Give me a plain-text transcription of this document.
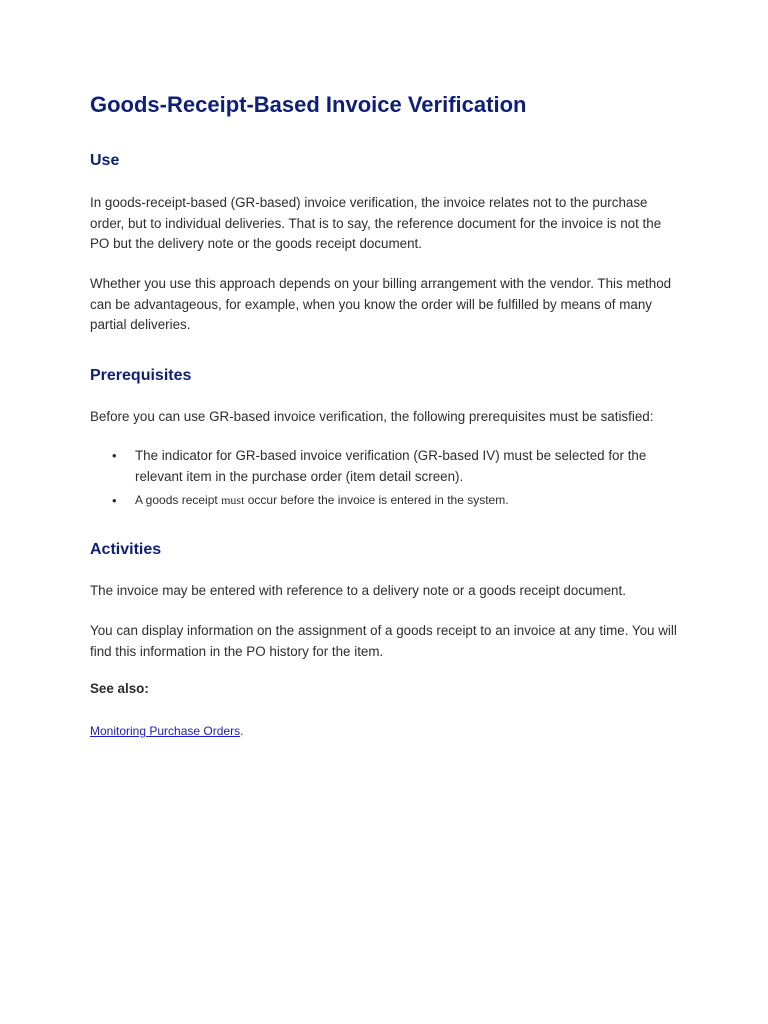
Goods-Receipt-Based Invoice Verification
Use

In goods-receipt-based (GR-based) invoice verification, the invoice relates not to the purchase order, but to individual deliveries. That is to say, the reference document for the invoice is not the PO but the delivery note or the goods receipt document.

Whether you use this approach depends on your billing arrangement with the vendor. This method can be advantageous, for example, when you know the order will be fulfilled by means of many partial deliveries.

Prerequisites

Before you can use GR-based invoice verification, the following prerequisites must be satisfied:

• The indicator for GR-based invoice verification (GR-based IV) must be selected for the relevant item in the purchase order (item detail screen).
• A goods receipt must occur before the invoice is entered in the system.
Activities

The invoice may be entered with reference to a delivery note or a goods receipt document.

You can display information on the assignment of a goods receipt to an invoice at any time. You will find this information in the PO history for the item.

See also:
Monitoring Purchase Orders.
